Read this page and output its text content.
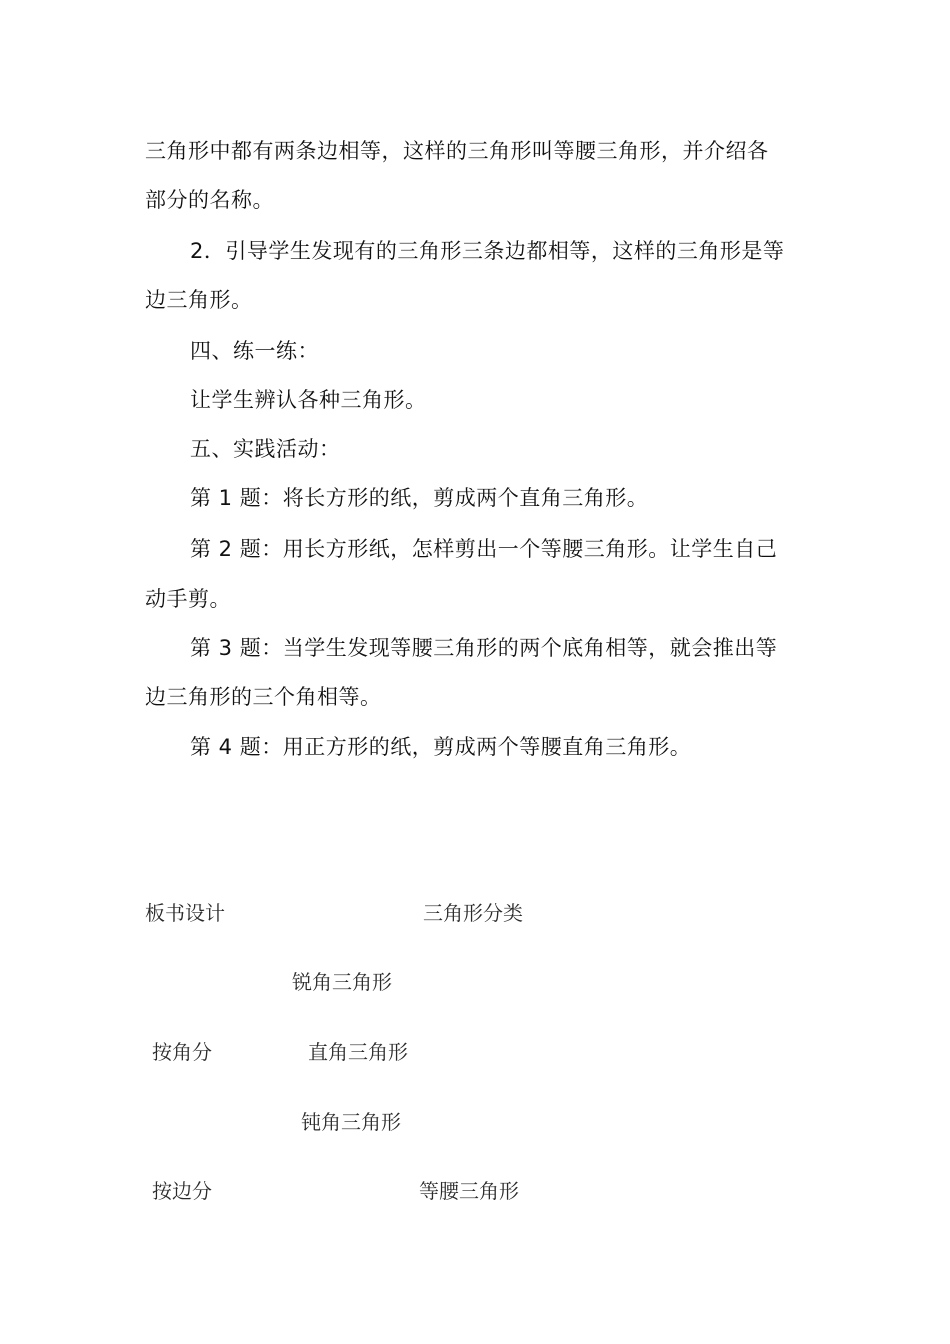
三角形中都有两条边相等，这样的三角形叫等腰三角形，并介绍各
部分的名称。
2．引导学生发现有的三角形三条边都相等，这样的三角形是等
边三角形。
四、练一练：
让学生辨认各种三角形。
五、实践活动：
第 1 题：将长方形的纸，剪成两个直角三角形。
第 2 题：用长方形纸，怎样剪出一个等腰三角形。让学生自己
动手剪。
第 3 题：当学生发现等腰三角形的两个底角相等，就会推出等
边三角形的三个角相等。
第 4 题：用正方形的纸，剪成两个等腰直角三角形。
板书设计	三角形分类
锐角三角形
按角分	直角三角形
钝角三角形
按边分	等腰三角形
